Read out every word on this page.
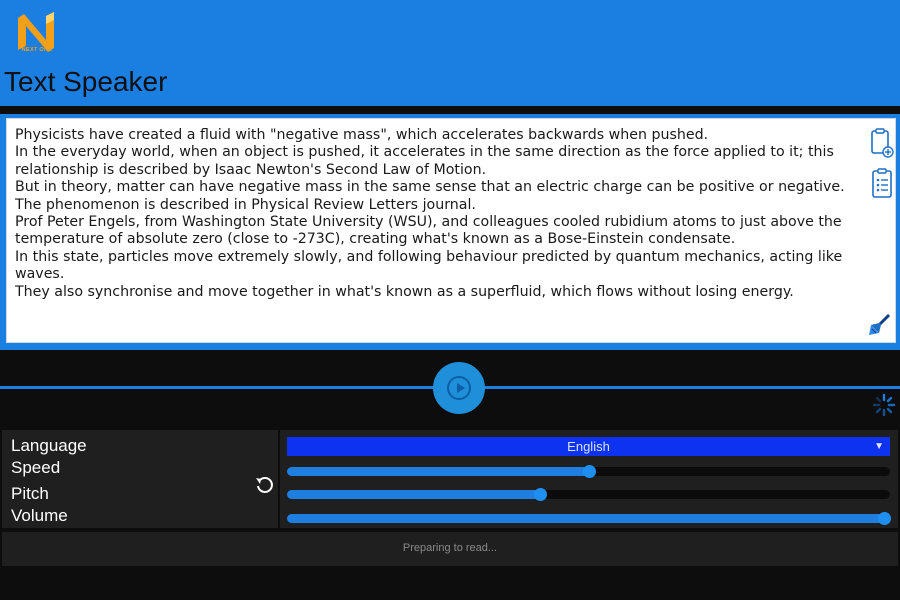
NEXT ONE
Text Speaker
Physicists have created a fluid with "negative mass", which accelerates backwards when pushed.
In the everyday world, when an object is pushed, it accelerates in the same direction as the force applied to it; this relationship is described by Isaac Newton's Second Law of Motion.
But in theory, matter can have negative mass in the same sense that an electric charge can be positive or negative.
The phenomenon is described in Physical Review Letters journal.
Prof Peter Engels, from Washington State University (WSU), and colleagues cooled rubidium atoms to just above the temperature of absolute zero (close to -273C), creating what's known as a Bose-Einstein condensate.
In this state, particles move extremely slowly, and following behaviour predicted by quantum mechanics, acting like waves.
They also synchronise and move together in what's known as a superfluid, which flows without losing energy.
Language
Speed
Pitch
Volume
English	▼
Preparing to read...
